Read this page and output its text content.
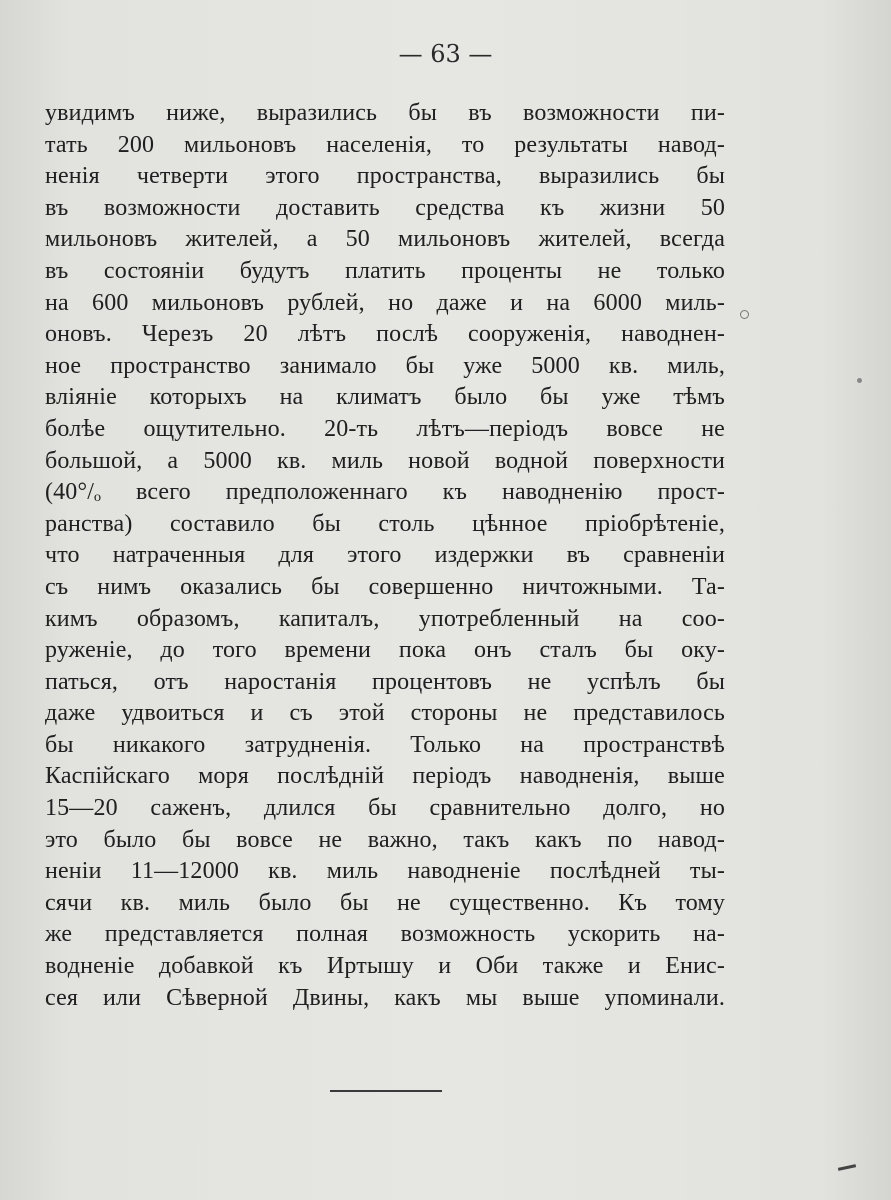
— 63 —
увидимъ ниже, выразились бы въ возможности пи-
тать 200 мильоновъ населенія, то результаты навод-
ненія четверти этого пространства, выразились бы
въ возможности доставить средства къ жизни 50
мильоновъ жителей, а 50 мильоновъ жителей, всегда
въ состояніи будутъ платить проценты не только
на 600 мильоновъ рублей, но даже и на 6000 миль-
оновъ. Черезъ 20 лѣтъ послѣ сооруженія, наводнен-
ное пространство занимало бы уже 5000 кв. миль,
вліяніе которыхъ на климатъ было бы уже тѣмъ
болѣе ощутительно. 20-ть лѣтъ—періодъ вовсе не
большой, а 5000 кв. миль новой водной поверхности
(40°/ₒ всего предположеннаго къ наводненію прост-
ранства) составило бы столь цѣнное пріобрѣтеніе,
что натраченныя для этого издержки въ сравненіи
съ нимъ оказались бы совершенно ничтожными. Та-
кимъ образомъ, капиталъ, употребленный на соо-
руженіе, до того времени пока онъ сталъ бы оку-
паться, отъ наростанія процентовъ не успѣлъ бы
даже удвоиться и съ этой стороны не представилось
бы никакого затрудненія. Только на пространствѣ
Каспійскаго моря послѣдній періодъ наводненія, выше
15—20 саженъ, длился бы сравнительно долго, но
это было бы вовсе не важно, такъ какъ по навод-
неніи 11—12000 кв. миль наводненіе послѣдней ты-
сячи кв. миль было бы не существенно. Къ тому
же представляется полная возможность ускорить на-
водненіе добавкой къ Иртышу и Оби также и Енис-
сея или Сѣверной Двины, какъ мы выше упоминали.
